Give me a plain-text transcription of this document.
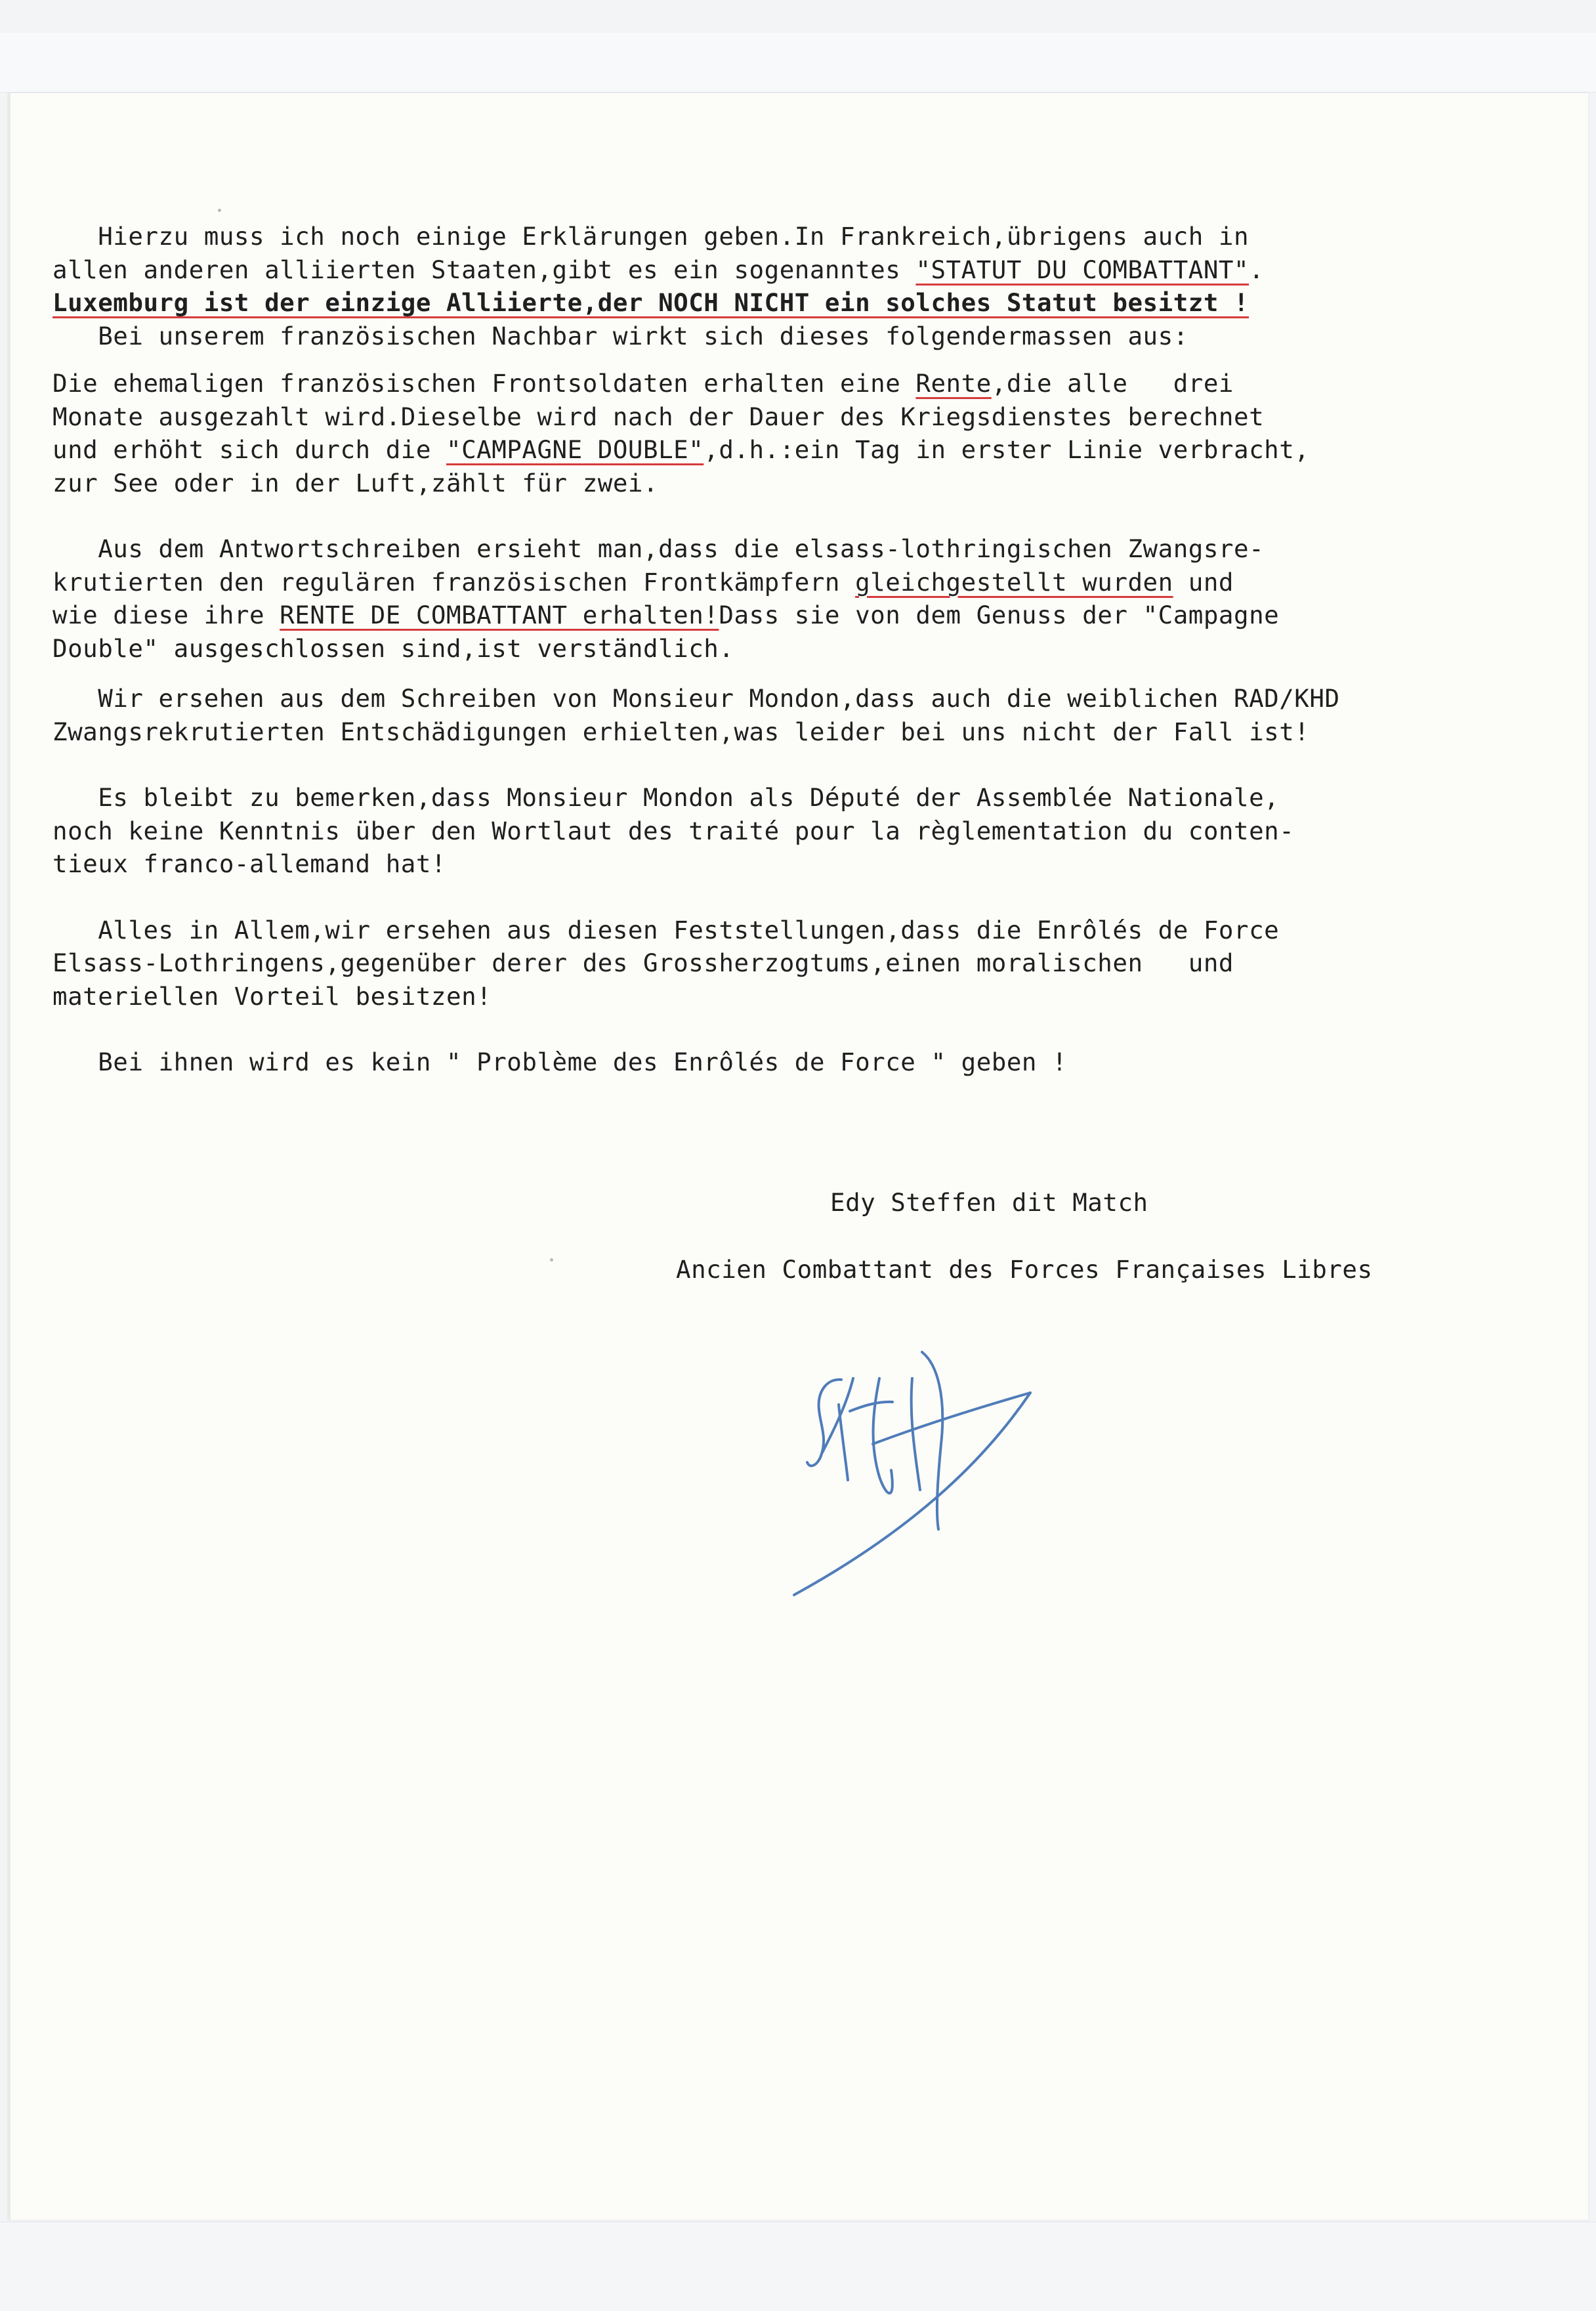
Hierzu muss ich noch einige Erklärungen geben.In Frankreich,übrigens auch in
allen anderen alliierten Staaten,gibt es ein sogenanntes "STATUT DU COMBATTANT".
Luxemburg ist der einzige Alliierte,der NOCH NICHT ein solches Statut besitzt !
Bei unserem französischen Nachbar wirkt sich dieses folgendermassen aus:
Die ehemaligen französischen Frontsoldaten erhalten eine Rente,die alle   drei
Monate ausgezahlt wird.Dieselbe wird nach der Dauer des Kriegsdienstes berechnet
und erhöht sich durch die "CAMPAGNE DOUBLE",d.h.:ein Tag in erster Linie verbracht,
zur See oder in der Luft,zählt für zwei.
Aus dem Antwortschreiben ersieht man,dass die elsass-lothringischen Zwangsre-
krutierten den regulären französischen Frontkämpfern gleichgestellt wurden und
wie diese ihre RENTE DE COMBATTANT erhalten!Dass sie von dem Genuss der "Campagne
Double" ausgeschlossen sind,ist verständlich.
Wir ersehen aus dem Schreiben von Monsieur Mondon,dass auch die weiblichen RAD/KHD
Zwangsrekrutierten Entschädigungen erhielten,was leider bei uns nicht der Fall ist!
Es bleibt zu bemerken,dass Monsieur Mondon als Député der Assemblée Nationale,
noch keine Kenntnis über den Wortlaut des traité pour la règlementation du conten-
tieux franco-allemand hat!
Alles in Allem,wir ersehen aus diesen Feststellungen,dass die Enrôlés de Force
Elsass-Lothringens,gegenüber derer des Grossherzogtums,einen moralischen   und
materiellen Vorteil besitzen!
Bei ihnen wird es kein " Problème des Enrôlés de Force " geben !
Edy Steffen dit Match
Ancien Combattant des Forces Françaises Libres
